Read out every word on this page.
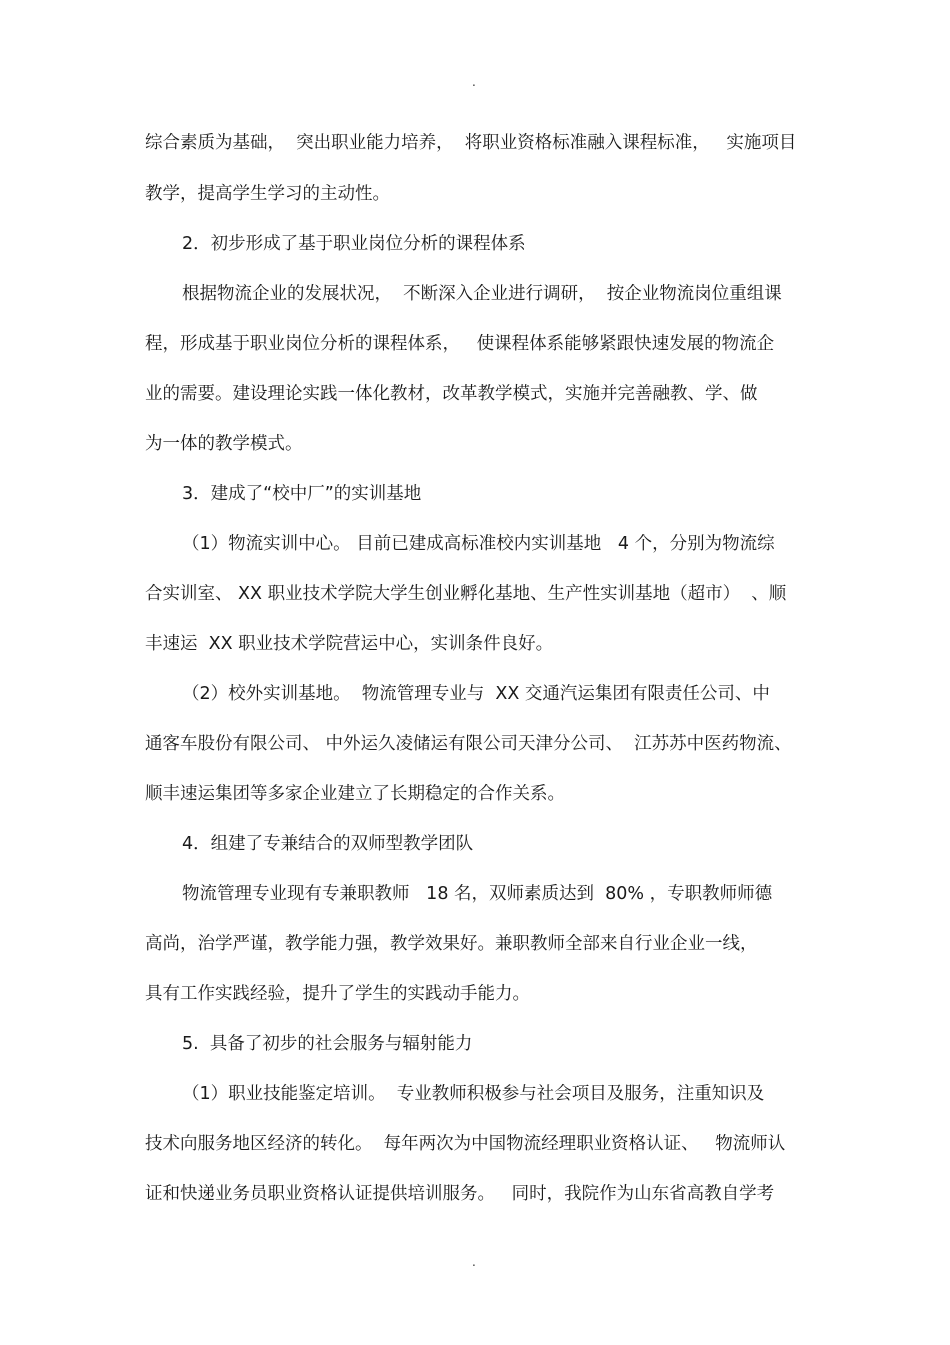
.
综合素质为基础，  突出职业能力培养，  将职业资格标准融入课程标准，   实施项目
教学，提高学生学习的主动性。
2．初步形成了基于职业岗位分析的课程体系
根据物流企业的发展状况，  不断深入企业进行调研，  按企业物流岗位重组课
程，形成基于职业岗位分析的课程体系，   使课程体系能够紧跟快速发展的物流企
业的需要。建设理论实践一体化教材，改革教学模式，实施并完善融教、学、做
为一体的教学模式。
3．建成了“校中厂”的实训基地
（1）物流实训中心。 目前已建成高标准校内实训基地   4 个，分别为物流综
合实训室、 XX 职业技术学院大学生创业孵化基地、生产性实训基地（超市）  、顺
丰速运  XX 职业技术学院营运中心，实训条件良好。
（2）校外实训基地。  物流管理专业与  XX 交通汽运集团有限责任公司、中
通客车股份有限公司、 中外运久凌储运有限公司天津分公司、  江苏苏中医药物流、
顺丰速运集团等多家企业建立了长期稳定的合作关系。
4．组建了专兼结合的双师型教学团队
物流管理专业现有专兼职教师   18 名，双师素质达到  80% ，专职教师师德
高尚，治学严谨，教学能力强，教学效果好。兼职教师全部来自行业企业一线，
具有工作实践经验，提升了学生的实践动手能力。
5.  具备了初步的社会服务与辐射能力
（1）职业技能鉴定培训。  专业教师积极参与社会项目及服务，注重知识及
技术向服务地区经济的转化。  每年两次为中国物流经理职业资格认证、   物流师认
证和快递业务员职业资格认证提供培训服务。   同时，我院作为山东省高教自学考
.
